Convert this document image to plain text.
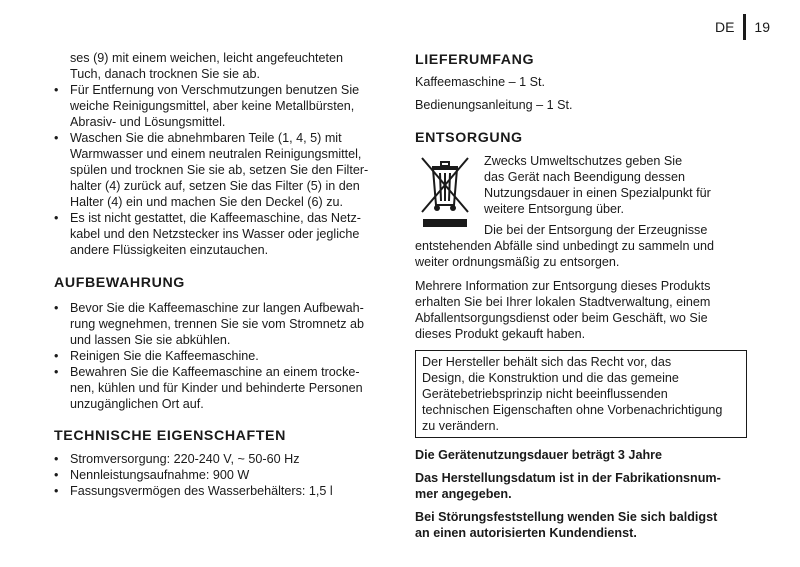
DE 19
ses (9) mit einem weichen, leicht angefeuchteten
Tuch, danach trocknen Sie sie ab.
• Für Entfernung von Verschmutzungen benutzen Sie
weiche Reinigungsmittel, aber keine Metallbürsten,
Abrasiv- und Lösungsmittel.
• Waschen Sie die abnehmbaren Teile (1, 4, 5) mit
Warmwasser und einem neutralen Reinigungsmittel,
spülen und trocknen Sie sie ab, setzen Sie den Filter-
halter (4) zurück auf, setzen Sie das Filter (5) in den
Halter (4) ein und machen Sie den Deckel (6) zu.
• Es ist nicht gestattet, die Kaffeemaschine, das Netz-
kabel und den Netzstecker ins Wasser oder jegliche
andere Flüssigkeiten einzutauchen.
AUFBEWAHRUNG
• Bevor Sie die Kaffeemaschine zur langen Aufbewah-
rung wegnehmen, trennen Sie sie vom Stromnetz ab
und lassen Sie sie abkühlen.
• Reinigen Sie die Kaffeemaschine.
• Bewahren Sie die Kaffeemaschine an einem trocke-
nen, kühlen und für Kinder und behinderte Personen
unzugänglichen Ort auf.
TECHNISCHE EIGENSCHAFTEN
• Stromversorgung: 220-240 V, ~ 50-60 Hz
• Nennleistungsaufnahme: 900 W
• Fassungsvermögen des Wasserbehälters: 1,5 l
LIEFERUMFANG

Kaffeemaschine – 1 St.

Bedienungsanleitung – 1 St.

ENTSORGUNG
Zwecks Umweltschutzes geben Sie
das Gerät nach Beendigung dessen
Nutzungsdauer in einen Spezialpunkt für
weitere Entsorgung über.
Die bei der Entsorgung der Erzeugnisse
entstehenden Abfälle sind unbedingt zu sammeln und
weiter ordnungsmäßig zu entsorgen.
Mehrere Information zur Entsorgung dieses Produkts
erhalten Sie bei Ihrer lokalen Stadtverwaltung, einem
Abfallentsorgungsdienst oder beim Geschäft, wo Sie
dieses Produkt gekauft haben.
Der Hersteller behält sich das Recht vor, das
Design, die Konstruktion und die das gemeine
Gerätebetriebsprinzip nicht beeinflussenden
technischen Eigenschaften ohne Vorbenachrichtigung
zu verändern.

Die Gerätenutzungsdauer beträgt 3 Jahre

Das Herstellungsdatum ist in der Fabrikationsnum-
mer angegeben.
Bei Störungsfeststellung wenden Sie sich baldigst
an einen autorisierten Kundendienst.
